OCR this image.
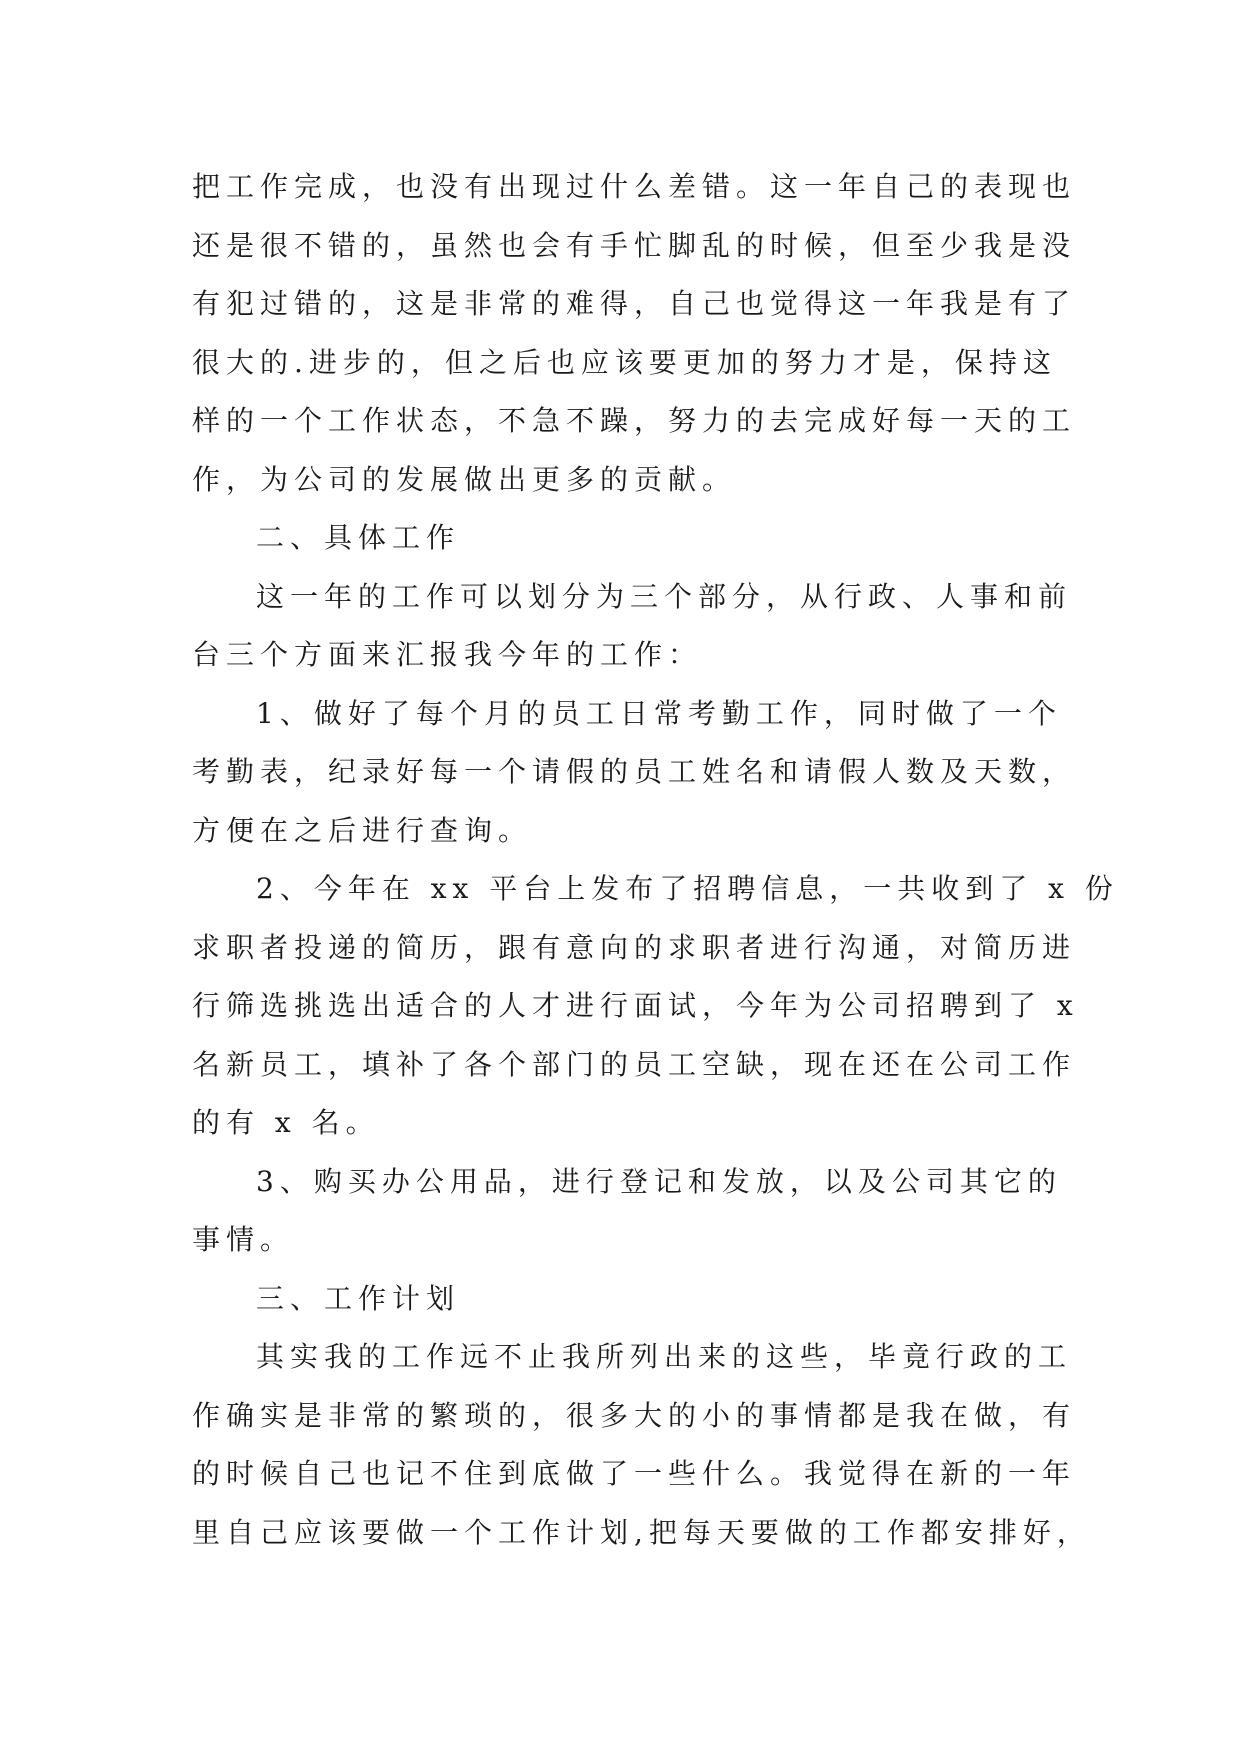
把工作完成，也没有出现过什么差错。这一年自己的表现也
还是很不错的，虽然也会有手忙脚乱的时候，但至少我是没
有犯过错的，这是非常的难得，自己也觉得这一年我是有了
很大的.进步的，但之后也应该要更加的努力才是，保持这
样的一个工作状态，不急不躁，努力的去完成好每一天的工
作，为公司的发展做出更多的贡献。
二、具体工作
这一年的工作可以划分为三个部分，从行政、人事和前
台三个方面来汇报我今年的工作：
1、做好了每个月的员工日常考勤工作，同时做了一个
考勤表，纪录好每一个请假的员工姓名和请假人数及天数，
方便在之后进行查询。
2、今年在 xx 平台上发布了招聘信息，一共收到了 x 份
求职者投递的简历，跟有意向的求职者进行沟通，对简历进
行筛选挑选出适合的人才进行面试，今年为公司招聘到了 x
名新员工，填补了各个部门的员工空缺，现在还在公司工作
的有 x 名。
3、购买办公用品，进行登记和发放，以及公司其它的
事情。
三、工作计划
其实我的工作远不止我所列出来的这些，毕竟行政的工
作确实是非常的繁琐的，很多大的小的事情都是我在做，有
的时候自己也记不住到底做了一些什么。我觉得在新的一年
里自己应该要做一个工作计划,把每天要做的工作都安排好，
